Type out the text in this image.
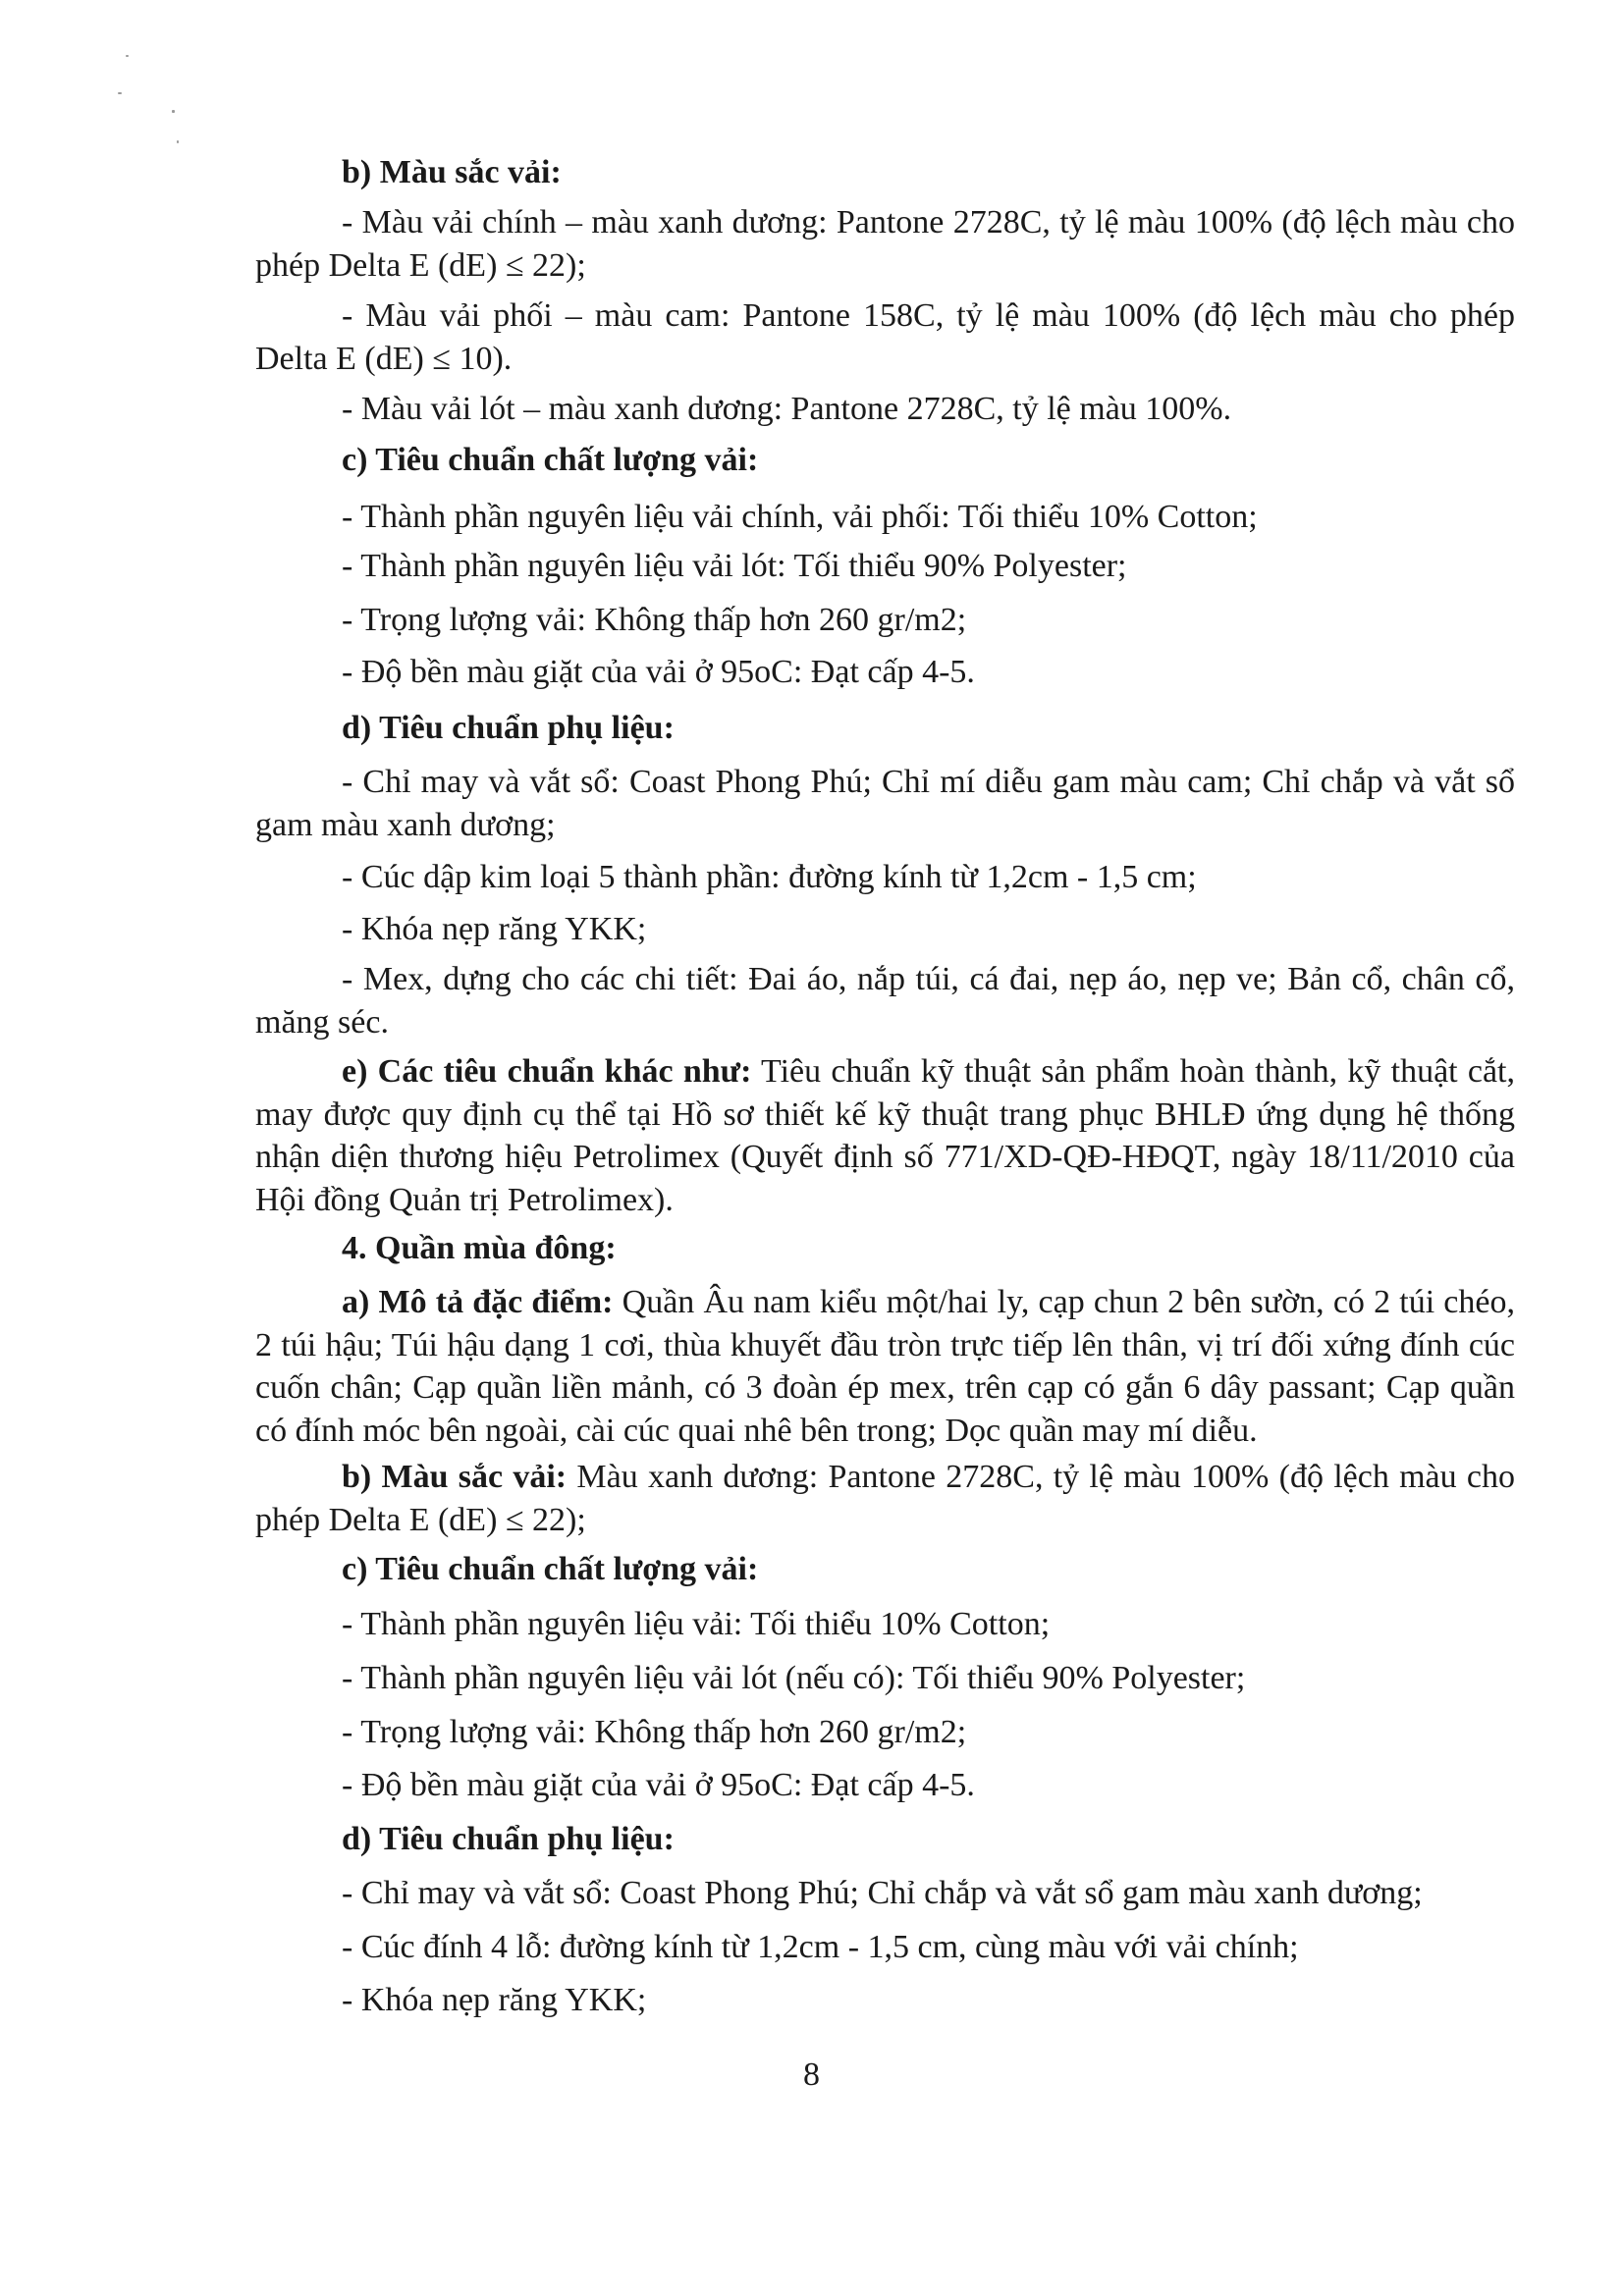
b) Màu sắc vải:

- Màu vải chính – màu xanh dương: Pantone 2728C, tỷ lệ màu 100% (độ lệch màu cho phép Delta E (dE) ≤ 22);

- Màu vải phối – màu cam: Pantone 158C, tỷ lệ màu 100% (độ lệch màu cho phép Delta E (dE) ≤ 10).

- Màu vải lót – màu xanh dương: Pantone 2728C, tỷ lệ màu 100%.

c) Tiêu chuẩn chất lượng vải:

- Thành phần nguyên liệu vải chính, vải phối: Tối thiểu 10% Cotton;

- Thành phần nguyên liệu vải lót: Tối thiểu 90% Polyester;

- Trọng lượng vải: Không thấp hơn 260 gr/m2;

- Độ bền màu giặt của vải ở 95oC: Đạt cấp 4-5.

d) Tiêu chuẩn phụ liệu:

- Chỉ may và vắt sổ: Coast Phong Phú; Chỉ mí diễu gam màu cam; Chỉ chắp và vắt sổ gam màu xanh dương;

- Cúc dập kim loại 5 thành phần: đường kính từ 1,2cm - 1,5 cm;

- Khóa nẹp răng YKK;

- Mex, dựng cho các chi tiết: Đai áo, nắp túi, cá đai, nẹp áo, nẹp ve; Bản cổ, chân cổ, măng séc.

e) Các tiêu chuẩn khác như: Tiêu chuẩn kỹ thuật sản phẩm hoàn thành, kỹ thuật cắt, may được quy định cụ thể tại Hồ sơ thiết kế kỹ thuật trang phục BHLĐ ứng dụng hệ thống nhận diện thương hiệu Petrolimex (Quyết định số 771/XD-QĐ-HĐQT, ngày 18/11/2010 của Hội đồng Quản trị Petrolimex).

4. Quần mùa đông:

a) Mô tả đặc điểm: Quần Âu nam kiểu một/hai ly, cạp chun 2 bên sườn, có 2 túi chéo, 2 túi hậu; Túi hậu dạng 1 cơi, thùa khuyết đầu tròn trực tiếp lên thân, vị trí đối xứng đính cúc cuốn chân; Cạp quần liền mảnh, có 3 đoàn ép mex, trên cạp có gắn 6 dây passant; Cạp quần có đính móc bên ngoài, cài cúc quai nhê bên trong; Dọc quần may mí diễu.

b) Màu sắc vải: Màu xanh dương: Pantone 2728C, tỷ lệ màu 100% (độ lệch màu cho phép Delta E (dE) ≤ 22);

c) Tiêu chuẩn chất lượng vải:

- Thành phần nguyên liệu vải: Tối thiểu 10% Cotton;

- Thành phần nguyên liệu vải lót (nếu có): Tối thiểu 90% Polyester;

- Trọng lượng vải: Không thấp hơn 260 gr/m2;

- Độ bền màu giặt của vải ở 95oC: Đạt cấp 4-5.

d) Tiêu chuẩn phụ liệu:

- Chỉ may và vắt sổ: Coast Phong Phú; Chỉ chắp và vắt sổ gam màu xanh dương;

- Cúc đính 4 lỗ: đường kính từ 1,2cm - 1,5 cm, cùng màu với vải chính;

- Khóa nẹp răng YKK;

8
